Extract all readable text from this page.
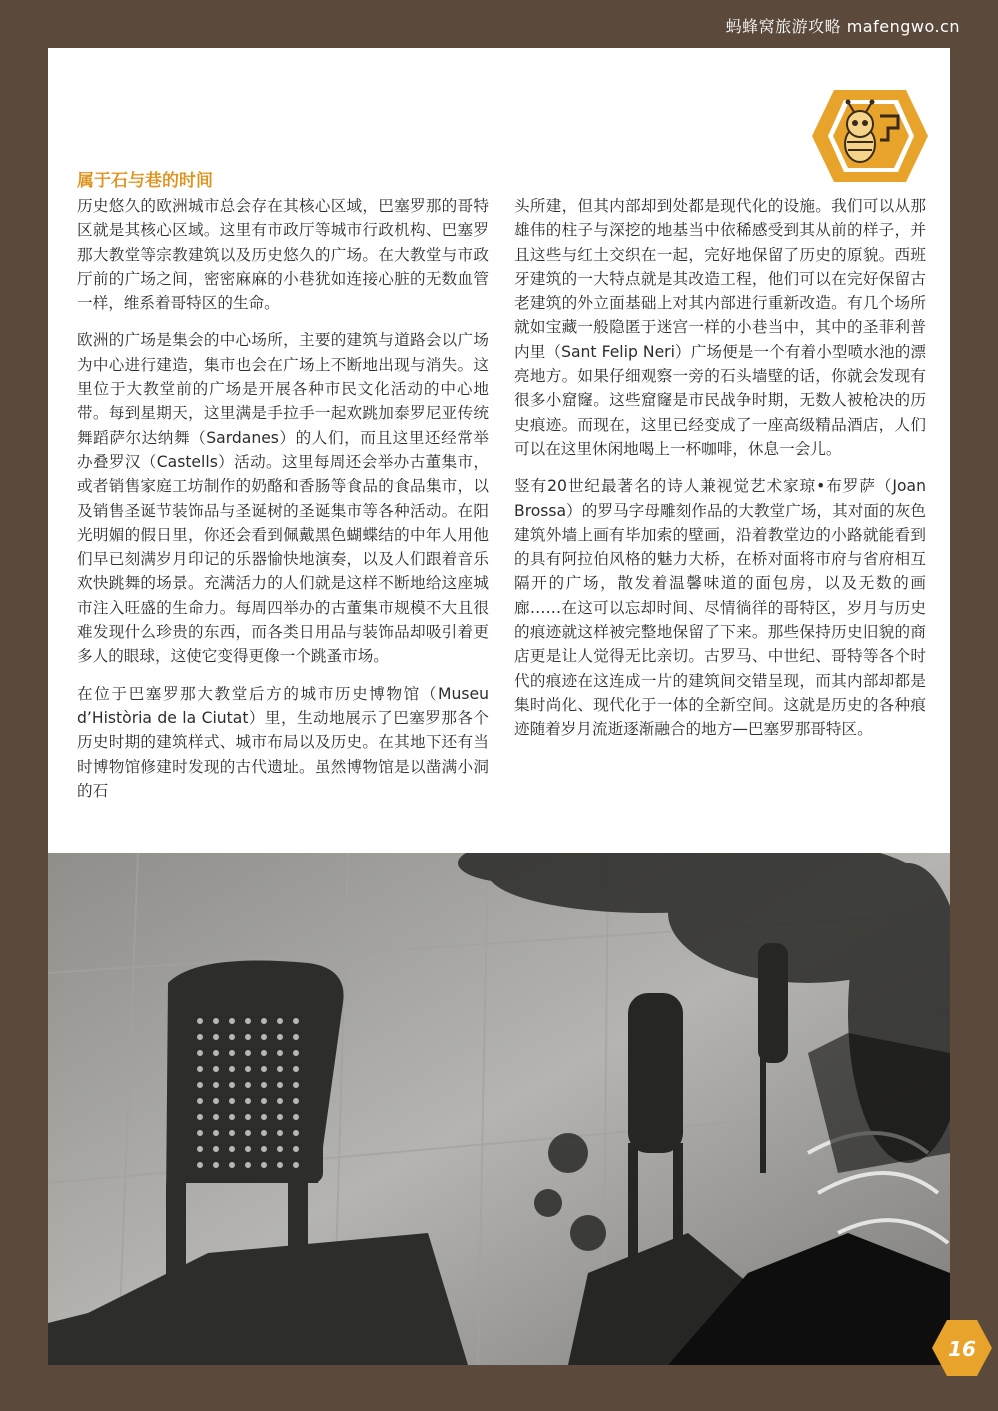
蚂蜂窝旅游攻略 mafengwo.cn
属于石与巷的时间

历史悠久的欧洲城市总会存在其核心区域，巴塞罗那的哥特区就是其核心区域。这里有市政厅等城市行政机构、巴塞罗那大教堂等宗教建筑以及历史悠久的广场。在大教堂与市政厅前的广场之间，密密麻麻的小巷犹如连接心脏的无数血管一样，维系着哥特区的生命。

欧洲的广场是集会的中心场所，主要的建筑与道路会以广场为中心进行建造，集市也会在广场上不断地出现与消失。这里位于大教堂前的广场是开展各种市民文化活动的中心地带。每到星期天，这里满是手拉手一起欢跳加泰罗尼亚传统舞蹈萨尔达纳舞（Sardanes）的人们，而且这里还经常举办叠罗汉（Castells）活动。这里每周还会举办古董集市，或者销售家庭工坊制作的奶酪和香肠等食品的食品集市，以及销售圣诞节装饰品与圣诞树的圣诞集市等各种活动。在阳光明媚的假日里，你还会看到佩戴黑色蝴蝶结的中年人用他们早已刻满岁月印记的乐器愉快地演奏，以及人们跟着音乐欢快跳舞的场景。充满活力的人们就是这样不断地给这座城市注入旺盛的生命力。每周四举办的古董集市规模不大且很难发现什么珍贵的东西，而各类日用品与装饰品却吸引着更多人的眼球，这使它变得更像一个跳蚤市场。

在位于巴塞罗那大教堂后方的城市历史博物馆（Museu d’Història de la Ciutat）里，生动地展示了巴塞罗那各个历史时期的建筑样式、城市布局以及历史。在其地下还有当时博物馆修建时发现的古代遗址。虽然博物馆是以凿满小洞的石

头所建，但其内部却到处都是现代化的设施。我们可以从那雄伟的柱子与深挖的地基当中依稀感受到其从前的样子，并且这些与红土交织在一起，完好地保留了历史的原貌。西班牙建筑的一大特点就是其改造工程，他们可以在完好保留古老建筑的外立面基础上对其内部进行重新改造。有几个场所就如宝藏一般隐匿于迷宫一样的小巷当中，其中的圣菲利普内里（Sant Felip Neri）广场便是一个有着小型喷水池的漂亮地方。如果仔细观察一旁的石头墙壁的话，你就会发现有很多小窟窿。这些窟窿是市民战争时期，无数人被枪决的历史痕迹。而现在，这里已经变成了一座高级精品酒店，人们可以在这里休闲地喝上一杯咖啡，休息一会儿。

竖有20世纪最著名的诗人兼视觉艺术家琼•布罗萨（Joan Brossa）的罗马字母雕刻作品的大教堂广场，其对面的灰色建筑外墙上画有毕加索的壁画，沿着教堂边的小路就能看到的具有阿拉伯风格的魅力大桥，在桥对面将市府与省府相互隔开的广场，散发着温馨味道的面包房，以及无数的画廊……在这可以忘却时间、尽情徜徉的哥特区，岁月与历史的痕迹就这样被完整地保留了下来。那些保持历史旧貌的商店更是让人觉得无比亲切。古罗马、中世纪、哥特等各个时代的痕迹在这连成一片的建筑间交错呈现，而其内部却都是集时尚化、现代化于一体的全新空间。这就是历史的各种痕迹随着岁月流逝逐渐融合的地方—巴塞罗那哥特区。

16
